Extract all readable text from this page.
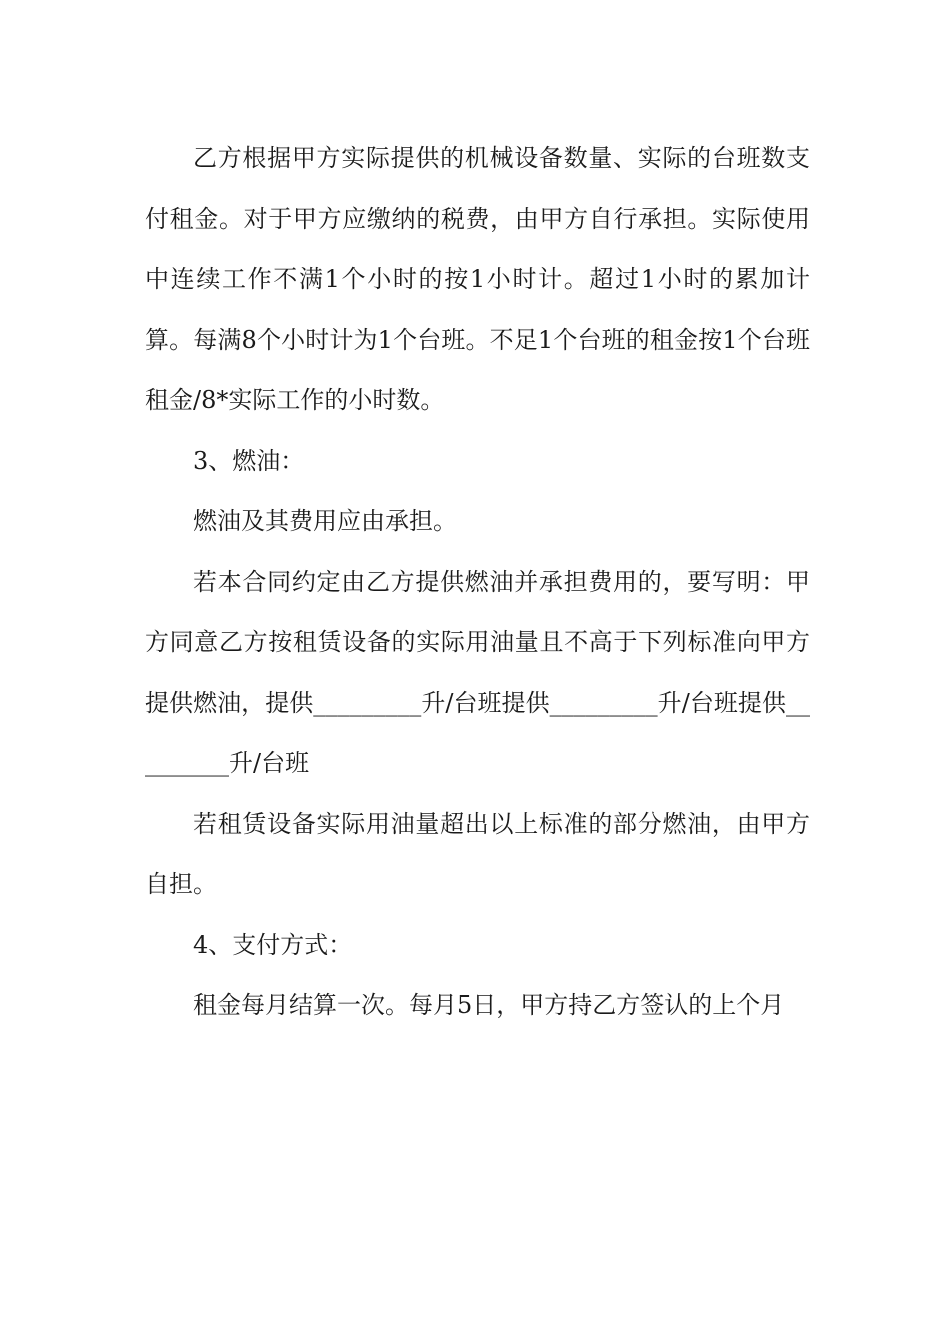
乙方根据甲方实际提供的机械设备数量、实际的台班数支付租金。对于甲方应缴纳的税费，由甲方自行承担。实际使用中连续工作不满1个小时的按1小时计。超过1小时的累加计算。每满8个小时计为1个台班。不足1个台班的租金按1个台班租金/8*实际工作的小时数。

3、燃油：

燃油及其费用应由承担。

若本合同约定由乙方提供燃油并承担费用的，要写明：甲方同意乙方按租赁设备的实际用油量且不高于下列标准向甲方提供燃油，提供_________升/台班提供_________升/台班提供_________升/台班

若租赁设备实际用油量超出以上标准的部分燃油，由甲方自担。

4、支付方式：

租金每月结算一次。每月5日，甲方持乙方签认的上个月
